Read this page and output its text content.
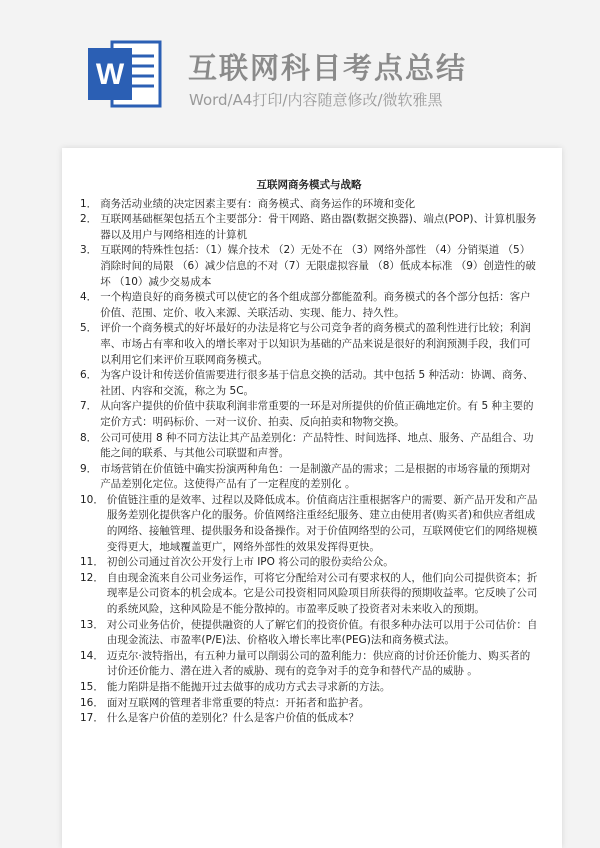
W 互联网科目考点总结
Word/A4打印/内容随意修改/微软雅黑
互联网商务模式与战略
1． 商务活动业绩的决定因素主要有：商务模式、商务运作的环境和变化
2． 互联网基础框架包括五个主要部分：骨干网路、路由器(数据交换器)、端点(POP)、计算机服务器以及用户与网络相连的计算机
3． 互联网的特殊性包括：（1）媒介技术 （2）无处不在 （3）网络外部性 （4）分销渠道 （5）消除时间的局限 （6）减少信息的不对（7）无限虚拟容量 （8）低成本标准 （9）创造性的破坏 （10）减少交易成本
4． 一个构造良好的商务模式可以使它的各个组成部分都能盈利。商务模式的各个部分包括：客户价值、范围、定价、收入来源、关联活动、实现、能力、持久性。
5． 评价一个商务模式的好坏最好的办法是将它与公司竞争者的商务模式的盈利性进行比较；利润率、市场占有率和收入的增长率对于以知识为基础的产品来说是很好的利润预测手段，我们可以利用它们来评价互联网商务模式。
6． 为客户设计和传送价值需要进行很多基于信息交换的活动。其中包括 5 种活动：协调、商务、社团、内容和交流，称之为 5C。
7． 从向客户提供的价值中获取利润非常重要的一环是对所提供的价值正确地定价。有 5 种主要的定价方式：明码标价、一对一议价、拍卖、反向拍卖和物物交换。
8． 公司可使用 8 种不同方法让其产品差别化：产品特性、时间选择、地点、服务、产品组合、功能之间的联系、与其他公司联盟和声誉。
9． 市场营销在价值链中确实扮演两种角色：一是制激产品的需求；二是根据的市场容量的预期对产品差别化定位。这使得产品有了一定程度的差别化 。
10． 价值链注重的是效率、过程以及降低成本。价值商店注重根据客户的需要、新产品开发和产品服务差别化提供客户化的服务。价值网络注重经纪服务、建立由使用者(购买者)和供应者组成的网络、接触管理、提供服务和设备操作。对于价值网络型的公司，互联网使它们的网络规模变得更大，地域覆盖更广，网络外部性的效果发挥得更快。
11． 初创公司通过首次公开发行上市 IPO 将公司的股份卖给公众。
12． 自由现金流来自公司业务运作，可将它分配给对公司有要求权的人，他们向公司提供资本；折现率是公司资本的机会成本。它是公司投资相同风险项目所获得的预期收益率。它反映了公司的系统风险，这种风险是不能分散掉的。市盈率反映了投资者对未来收入的预期。
13． 对公司业务估价，使提供融资的人了解它们的投资价值。有很多种办法可以用于公司估价：自由现金流法、市盈率(P/E)法、价格收入增长率比率(PEG)法和商务模式法。
14． 迈克尔·波特指出，有五种力量可以削弱公司的盈利能力：供应商的讨价还价能力、购买者的讨价还价能力、潜在进入者的威胁、现有的竞争对手的竞争和替代产品的威胁 。
15． 能力陷阱是指不能抛开过去做事的成功方式去寻求新的方法。
16． 面对互联网的管理者非常重要的特点：开拓者和监护者。
17． 什么是客户价值的差别化？什么是客户价值的低成本？
